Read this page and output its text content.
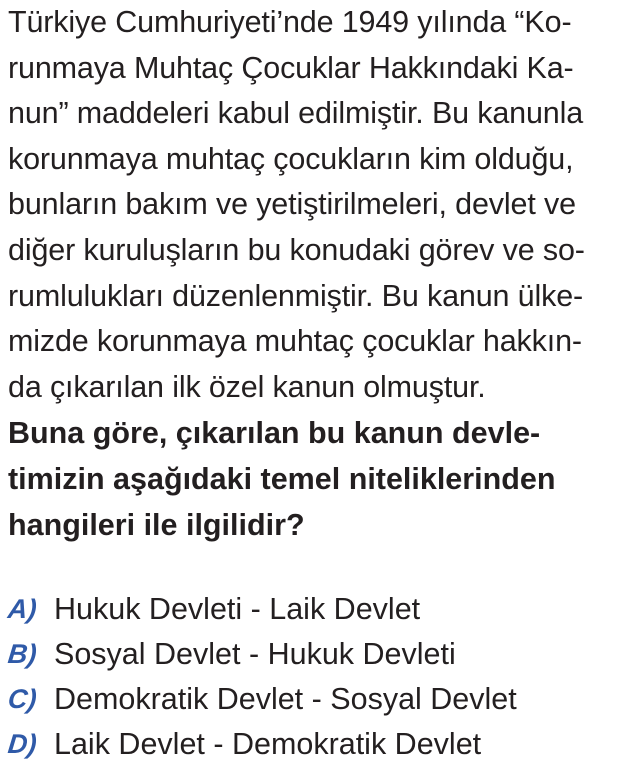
Türkiye Cumhuriyeti’nde 1949 yılında “Ko-
runmaya Muhtaç Çocuklar Hakkındaki Ka-
nun” maddeleri kabul edilmiştir. Bu kanunla
korunmaya muhtaç çocukların kim olduğu,
bunların bakım ve yetiştirilmeleri, devlet ve
diğer kuruluşların bu konudaki görev ve so-
rumlulukları düzenlenmiştir. Bu kanun ülke-
mizde korunmaya muhtaç çocuklar hakkın-
da çıkarılan ilk özel kanun olmuştur.
Buna göre, çıkarılan bu kanun devle-
timizin aşağıdaki temel niteliklerinden
hangileri ile ilgilidir?
A) Hukuk Devleti - Laik Devlet
B) Sosyal Devlet - Hukuk Devleti
C) Demokratik Devlet - Sosyal Devlet
D) Laik Devlet - Demokratik Devlet
